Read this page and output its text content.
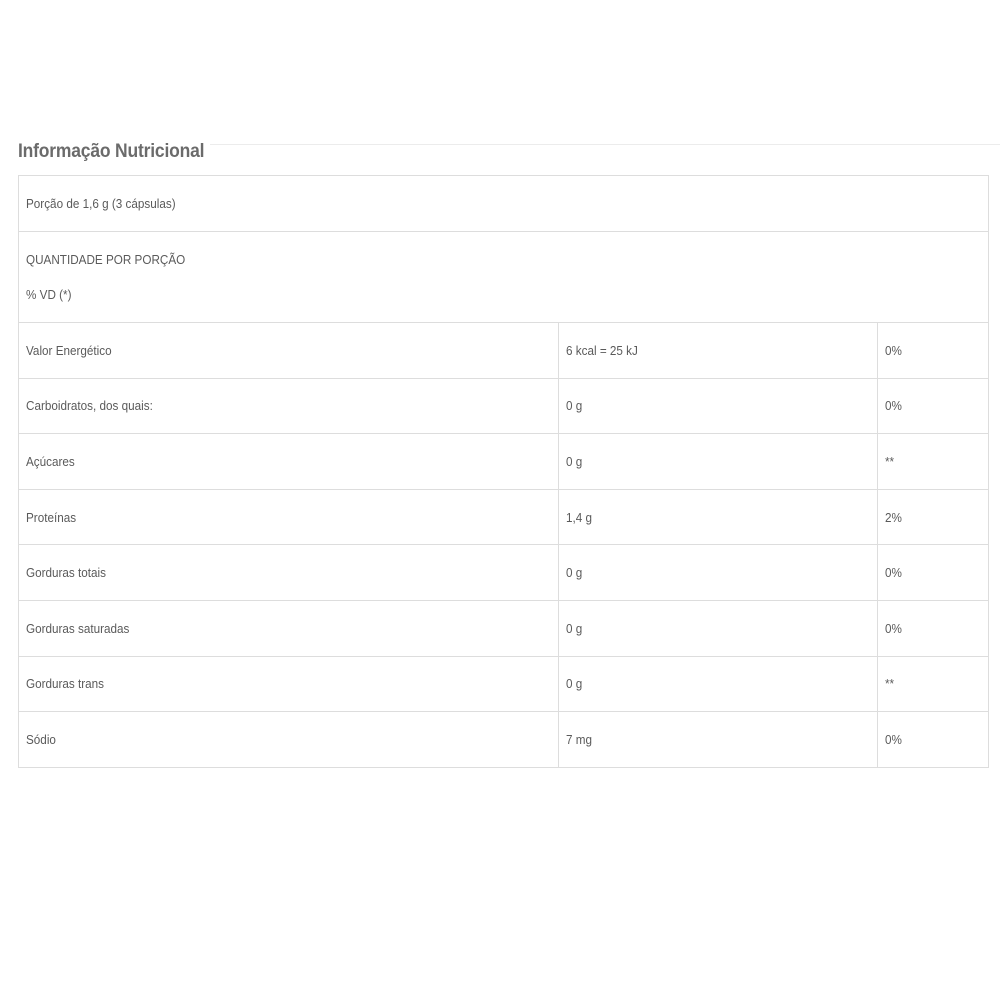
Informação Nutricional
Porção de 1,6 g (3 cápsulas)		

QUANTIDADE POR PORÇÃO
% VD (*)		

Valor Energético	6 kcal = 25 kJ	0%
Carboidratos, dos quais:	0 g	0%
Açúcares	0 g	**
Proteínas	1,4 g	2%
Gorduras totais	0 g	0%
Gorduras saturadas	0 g	0%
Gorduras trans	0 g	**
Sódio	7 mg	0%
